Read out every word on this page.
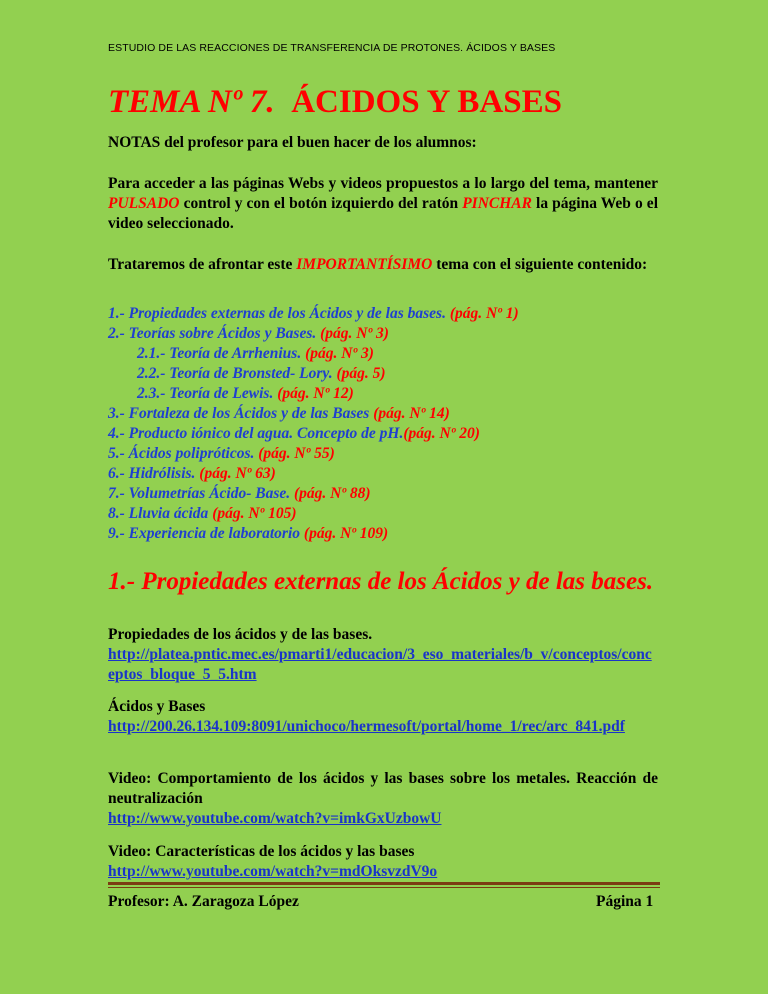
ESTUDIO DE LAS REACCIONES DE TRANSFERENCIA DE PROTONES. ÁCIDOS Y BASES
TEMA Nº 7. ÁCIDOS Y BASES
NOTAS del profesor para el buen hacer de los alumnos:
Para acceder a las páginas Webs y videos propuestos a lo largo del tema, mantener PULSADO control y con el botón izquierdo del ratón PINCHAR la página Web o el video seleccionado.
Trataremos de afrontar este IMPORTANTÍSIMO tema con el siguiente contenido:
1.- Propiedades externas de los Ácidos y de las bases. (pág. Nº 1)
2.- Teorías sobre Ácidos y Bases. (pág. Nº 3)
2.1.- Teoría de Arrhenius. (pág. Nº 3)
2.2.- Teoría de Bronsted- Lory. (pág. 5)
2.3.- Teoría de Lewis. (pág. Nº 12)
3.- Fortaleza de los Ácidos y de las Bases (pág. Nº 14)
4.- Producto iónico del agua. Concepto de pH.(pág. Nº 20)
5.- Ácidos polipróticos. (pág. Nº 55)
6.- Hidrólisis. (pág. Nº 63)
7.- Volumetrías Ácido- Base. (pág. Nº 88)
8.- Lluvia ácida (pág. Nº 105)
9.- Experiencia de laboratorio (pág. Nº 109)
1.- Propiedades externas de los Ácidos y de las bases.
Propiedades de los ácidos y de las bases.
http://platea.pntic.mec.es/pmarti1/educacion/3_eso_materiales/b_v/conceptos/conceptos_bloque_5_5.htm
Ácidos y Bases
http://200.26.134.109:8091/unichoco/hermesoft/portal/home_1/rec/arc_841.pdf
Video: Comportamiento de los ácidos y las bases sobre los metales. Reacción de neutralización
http://www.youtube.com/watch?v=imkGxUzbowU
Video: Características de los ácidos y las bases
http://www.youtube.com/watch?v=mdOksvzdV9o
Profesor: A. Zaragoza López	Página 1
